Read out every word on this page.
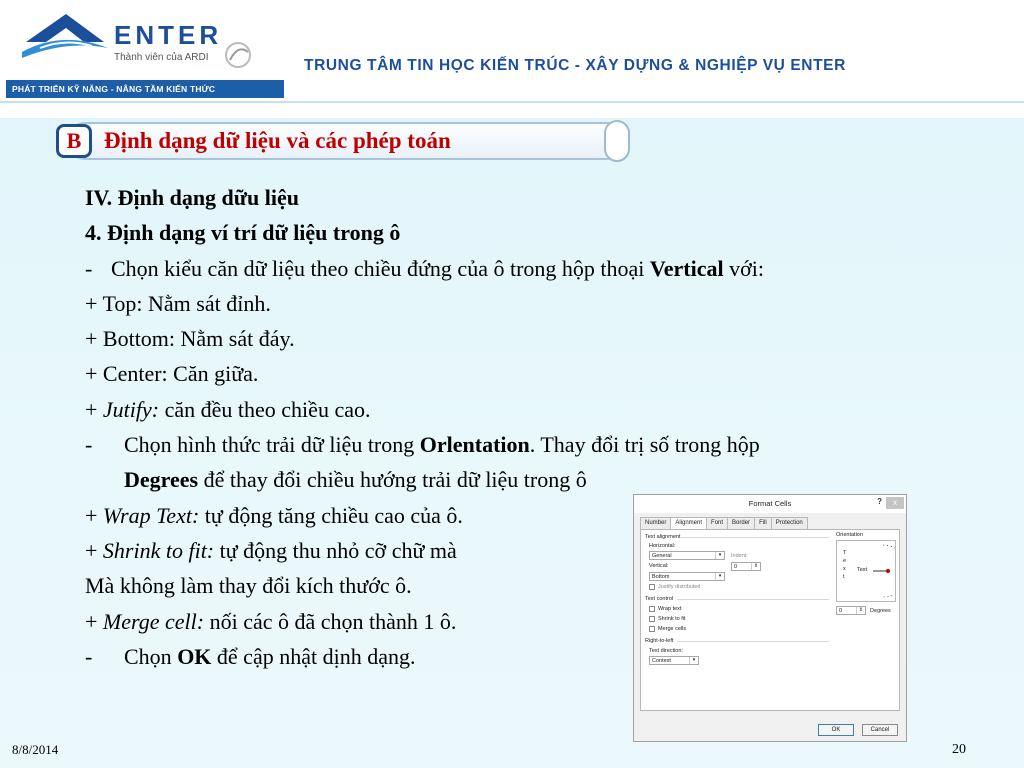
ENTER
Thành viên của ARDI	TRUNG TÂM TIN HỌC KIẾN TRÚC - XÂY DỰNG & NGHIỆP VỤ ENTER
PHÁT TRIỂN KỸ NĂNG - NÂNG TẦM KIẾN THỨC
B Định dạng dữ liệu và các phép toán

IV. Định dạng dữu liệu

4. Định dạng ví trí dữ liệu trong ô

- Chọn kiểu căn dữ liệu theo chiều đứng của ô trong hộp thoại Vertical với:

+ Top: Nằm sát đỉnh.

+ Bottom: Nằm sát đáy.

+ Center: Căn giữa.

+ Jutify: căn đều theo chiều cao.

- Chọn hình thức trải dữ liệu trong Orlentation. Thay đổi trị số trong hộp

Degrees để thay đổi chiều hướng trải dữ liệu trong ô

+ Wrap Text: tự động tăng chiều cao của ô.

+ Shrink to fit: tự động thu nhỏ cỡ chữ mà

Mà không làm thay đổi kích thước ô.

+ Merge cell: nối các ô đã chọn thành 1 ô.

- Chọn OK để cập nhật dịnh dạng.

Format Cells	?	x
Number	Alignment	Font	Border	Fill	Protection
Text alignment
Horizontal:
General	▾	Indent:
Vertical:	0	⇕
Bottom	▾
Justify distributed
Text control
Wrap text
Shrink to fit
Merge cells
Right-to-left
Text direction:
Context	▾
Orientation
T e x t
Text
0	⇕	Degrees
OK	Cancel
8/8/2014	20
